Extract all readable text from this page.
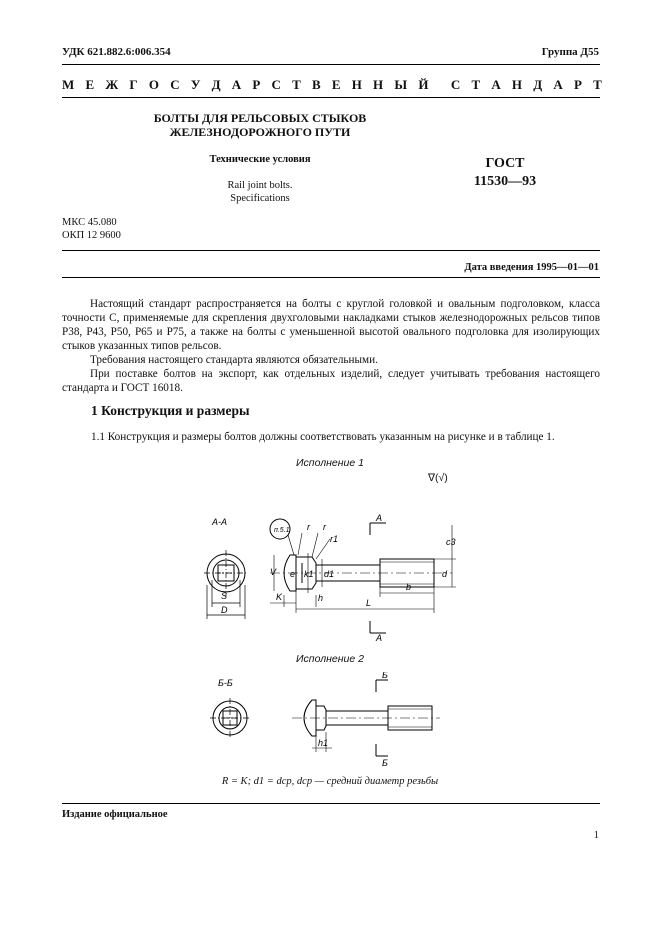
УДК 621.882.6:006.354	Группа Д55
М Е Ж Г О С У Д А Р С Т В Е Н Н Ы Й С Т А Н Д А Р Т
БОЛТЫ ДЛЯ РЕЛЬСОВЫХ СТЫКОВ
ЖЕЛЕЗНОДОРОЖНОГО ПУТИ
Технические условия
Rail joint bolts.
Specifications
ГОСТ
11530—93
МКС 45.080
ОКП 12 9600
Дата введения 1995—01—01
Настоящий стандарт распространяется на болты с круглой головкой и овальным подголовком, класса точности С, применяемые для скрепления двухголовыми накладками стыков железнодорожных рельсов типов Р38, Р43, Р50, Р65 и Р75, а также на болты с уменьшенной высотой овального подголовка для изолирующих стыков указанных типов рельсов.
Требования настоящего стандарта являются обязательными.
При поставке болтов на экспорт, как отдельных изделий, следует учитывать требования настоящего стандарта и ГОСТ 16018.
1 Конструкция и размеры
1.1 Конструкция и размеры болтов должны соответствовать указанным на рисунке и в таблице 1.
Исполнение 1
∇(√)
Исполнение 2
A-A
п.5.1 r r
r1
A
A
V e k1 d1	d
c3
S
D
K	h
b
L
Б-Б
Б
Б
h1
R = K; d1 = dср, dср — средний диаметр резьбы
Издание официальное
1
